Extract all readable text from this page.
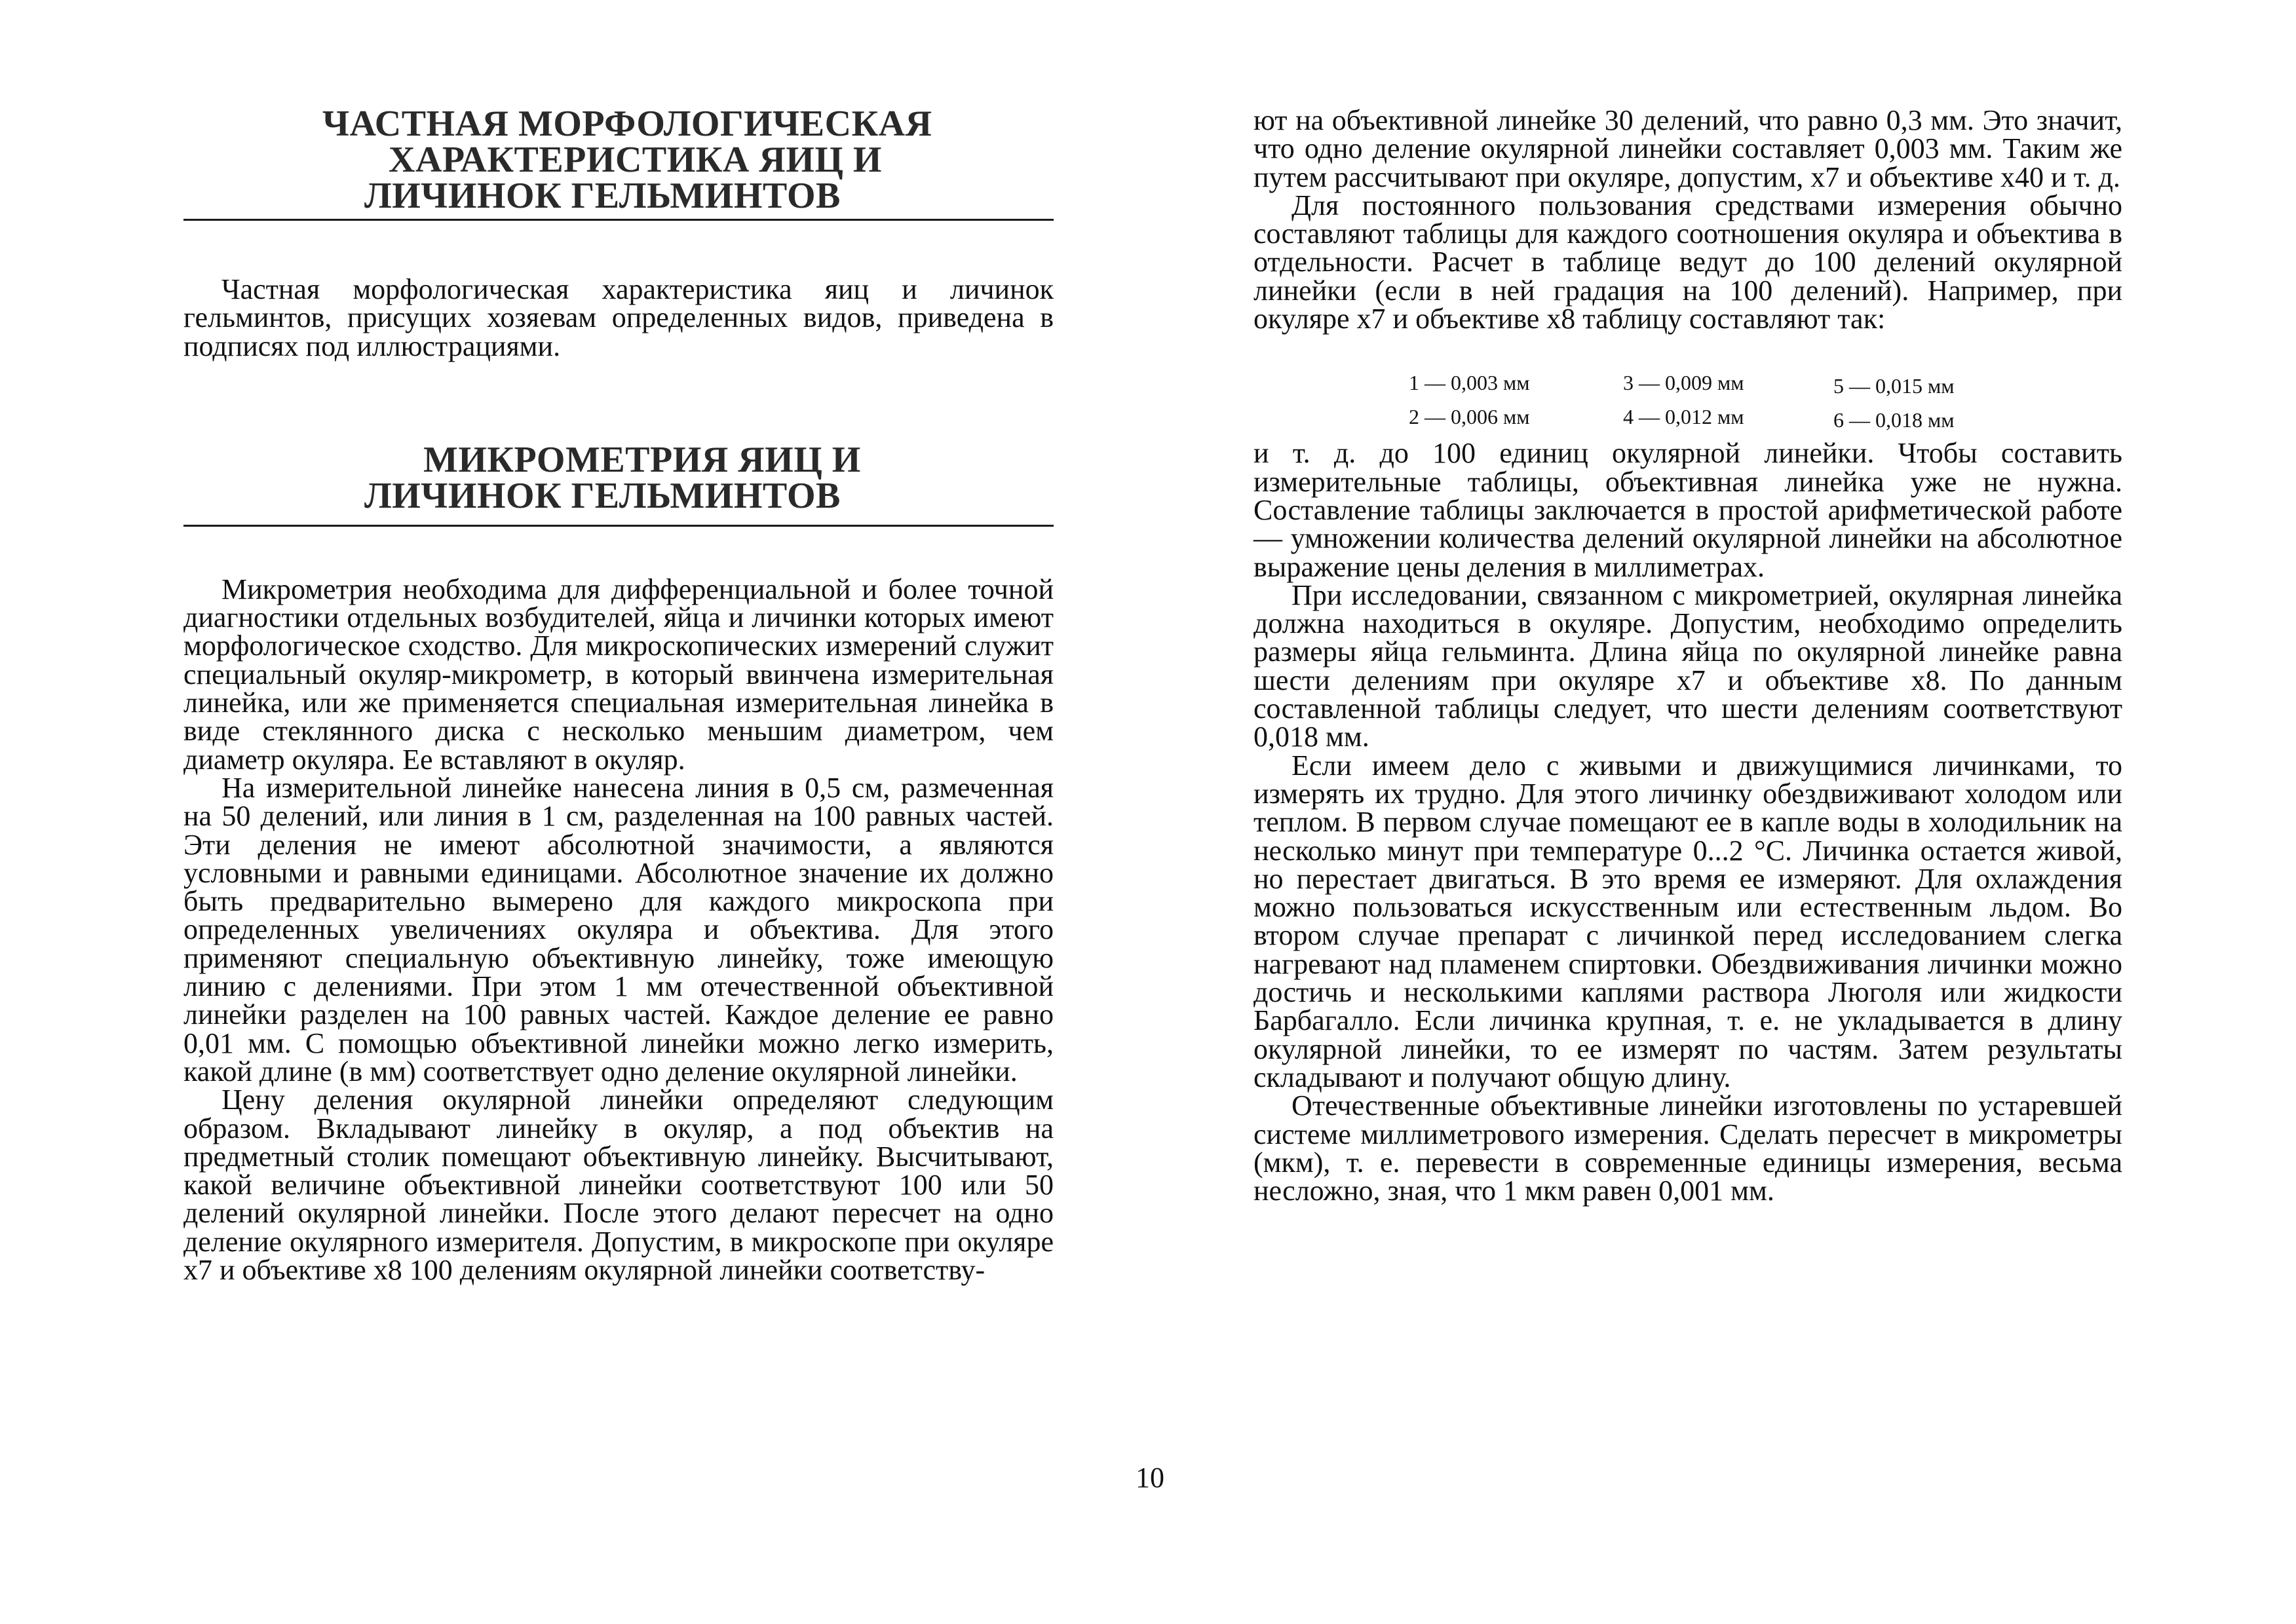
ЧАСТНАЯ МОРФОЛОГИЧЕСКАЯ
ХАРАКТЕРИСТИКА ЯИЦ И
ЛИЧИНОК ГЕЛЬМИНТОВ

Частная морфологическая характеристика яиц и личинок гельминтов, присущих хозяевам определенных видов, приведена в подписях под иллюстрациями.

МИКРОМЕТРИЯ ЯИЦ И
ЛИЧИНОК ГЕЛЬМИНТОВ

Микрометрия необходима для дифференциальной и более точной диагностики отдельных возбудителей, яйца и личинки которых имеют морфологическое сходство. Для микроскопических измерений служит специальный окуляр-микрометр, в который ввинчена измерительная линейка, или же применяется специальная измерительная линейка в виде стеклянного диска с несколько меньшим диаметром, чем диаметр окуляра. Ее вставляют в окуляр.

На измерительной линейке нанесена линия в 0,5 см, размеченная на 50 делений, или линия в 1 см, разделенная на 100 равных частей. Эти деления не имеют абсолютной значимости, а являются условными и равными единицами. Абсолютное значение их должно быть предварительно вымерено для каждого микроскопа при определенных увеличениях окуляра и объектива. Для этого применяют специальную объективную линейку, тоже имеющую линию с делениями. При этом 1 мм отечественной объективной линейки разделен на 100 равных частей. Каждое деление ее равно 0,01 мм. С помощью объективной линейки можно легко измерить, какой длине (в мм) соответствует одно деление окулярной линейки.

Цену деления окулярной линейки определяют следующим образом. Вкладывают линейку в окуляр, а под объектив на предметный столик помещают объективную линейку. Высчитывают, какой величине объективной линейки соответствуют 100 или 50 делений окулярной линейки. После этого делают пересчет на одно деление окулярного измерителя. Допустим, в микроскопе при окуляре х7 и объективе х8 100 делениям окулярной линейки соответству-

ют на объективной линейке 30 делений, что равно 0,3 мм. Это значит, что одно деление окулярной линейки составляет 0,003 мм. Таким же путем рассчитывают при окуляре, допустим, х7 и объективе х40 и т. д.

Для постоянного пользования средствами измерения обычно составляют таблицы для каждого соотношения окуляра и объектива в отдельности. Расчет в таблице ведут до 100 делений окулярной линейки (если в ней градация на 100 делений). Например, при окуляре х7 и объективе х8 таблицу составляют так:

1 — 0,003 мм	3 — 0,009 мм	5 — 0,015 мм
2 — 0,006 мм	4 — 0,012 мм	6 — 0,018 мм

и т. д. до 100 единиц окулярной линейки. Чтобы составить измерительные таблицы, объективная линейка уже не нужна. Составление таблицы заключается в простой арифметической работе — умножении количества делений окулярной линейки на абсолютное выражение цены деления в миллиметрах.

При исследовании, связанном с микрометрией, окулярная линейка должна находиться в окуляре. Допустим, необходимо определить размеры яйца гельминта. Длина яйца по окулярной линейке равна шести делениям при окуляре х7 и объективе х8. По данным составленной таблицы следует, что шести делениям соответствуют 0,018 мм.

Если имеем дело с живыми и движущимися личинками, то измерять их трудно. Для этого личинку обездвиживают холодом или теплом. В первом случае помещают ее в капле воды в холодильник на несколько минут при температуре 0...2 °С. Личинка остается живой, но перестает двигаться. В это время ее измеряют. Для охлаждения можно пользоваться искусственным или естественным льдом. Во втором случае препарат с личинкой перед исследованием слегка нагревают над пламенем спиртовки. Обездвиживания личинки можно достичь и несколькими каплями раствора Люголя или жидкости Барбагалло. Если личинка крупная, т. е. не укладывается в длину окулярной линейки, то ее измерят по частям. Затем результаты складывают и получают общую длину.

Отечественные объективные линейки изготовлены по устаревшей системе миллиметрового измерения. Сделать пересчет в микрометры (мкм), т. е. перевести в современные единицы измерения, весьма несложно, зная, что 1 мкм равен 0,001 мм.

10
